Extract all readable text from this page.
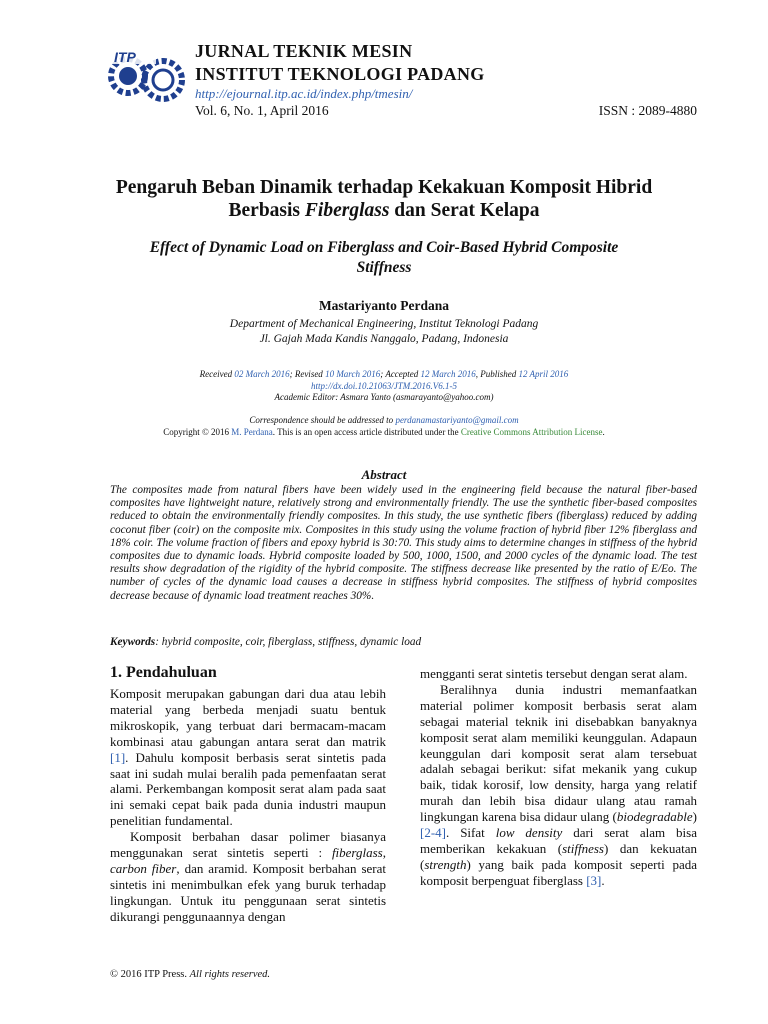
ITP	JURNAL TEKNIK MESIN
INSTITUT TEKNOLOGI PADANG
http://ejournal.itp.ac.id/index.php/tmesin/
Vol. 6, No. 1, April 2016	ISSN : 2089-4880
Pengaruh Beban Dinamik terhadap Kekakuan Komposit Hibrid
Berbasis Fiberglass dan Serat Kelapa
Effect of Dynamic Load on Fiberglass and Coir-Based Hybrid Composite
Stiffness
Mastariyanto Perdana
Department of Mechanical Engineering, Institut Teknologi Padang
Jl. Gajah Mada Kandis Nanggalo, Padang, Indonesia
Received 02 March 2016; Revised 10 March 2016; Accepted 12 March 2016, Published 12 April 2016
http://dx.doi.10.21063/JTM.2016.V6.1-5
Academic Editor: Asmara Yanto (asmarayanto@yahoo.com)
Correspondence should be addressed to perdanamastariyanto@gmail.com
Copyright © 2016 M. Perdana. This is an open access article distributed under the Creative Commons Attribution License.
Abstract
The composites made from natural fibers have been widely used in the engineering field because the natural fiber-based composites have lightweight nature, relatively strong and environmentally friendly. The use the synthetic fiber-based composites reduced to obtain the environmentally friendly composites. In this study, the use synthetic fibers (fiberglass) reduced by adding coconut fiber (coir) on the composite mix. Composites in this study using the volume fraction of hybrid fiber 12% fiberglass and 18% coir. The volume fraction of fibers and epoxy hybrid is 30:70. This study aims to determine changes in stiffness of the hybrid composites due to dynamic loads. Hybrid composite loaded by 500, 1000, 1500, and 2000 cycles of the dynamic load. The test results show degradation of the rigidity of the hybrid composite. The stiffness decrease like presented by the ratio of E/Eo. The number of cycles of the dynamic load causes a decrease in stiffness hybrid composites. The stiffness of hybrid composites decrease because of dynamic load treatment reaches 30%.
Keywords: hybrid composite, coir, fiberglass, stiffness, dynamic load
1. Pendahuluan

Komposit merupakan gabungan dari dua atau lebih material yang berbeda menjadi suatu bentuk mikroskopik, yang terbuat dari bermacam-macam kombinasi atau gabungan antara serat dan matrik [1]. Dahulu komposit berbasis serat sintetis pada saat ini sudah mulai beralih pada pemenfaatan serat alami. Perkembangan komposit serat alam pada saat ini semaki cepat baik pada dunia industri maupun penelitian fundamental.

Komposit berbahan dasar polimer biasanya menggunakan serat sintetis seperti : fiberglass, carbon fiber, dan aramid. Komposit berbahan serat sintetis ini menimbulkan efek yang buruk terhadap lingkungan. Untuk itu penggunaan serat sintetis dikurangi penggunaannya dengan

mengganti serat sintetis tersebut dengan serat alam.

Beralihnya dunia industri memanfaatkan material polimer komposit berbasis serat alam sebagai material teknik ini disebabkan banyaknya komposit serat alam memiliki keunggulan. Adapaun keunggulan dari komposit serat alam tersebuat adalah sebagai berikut: sifat mekanik yang cukup baik, tidak korosif, low density, harga yang relatif murah dan lebih bisa didaur ulang atau ramah lingkungan karena bisa didaur ulang (biodegradable) [2-4]. Sifat low density dari serat alam bisa memberikan kekakuan (stiffness) dan kekuatan (strength) yang baik pada komposit seperti pada komposit berpenguat fiberglass [3].

© 2016 ITP Press. All rights reserved.
